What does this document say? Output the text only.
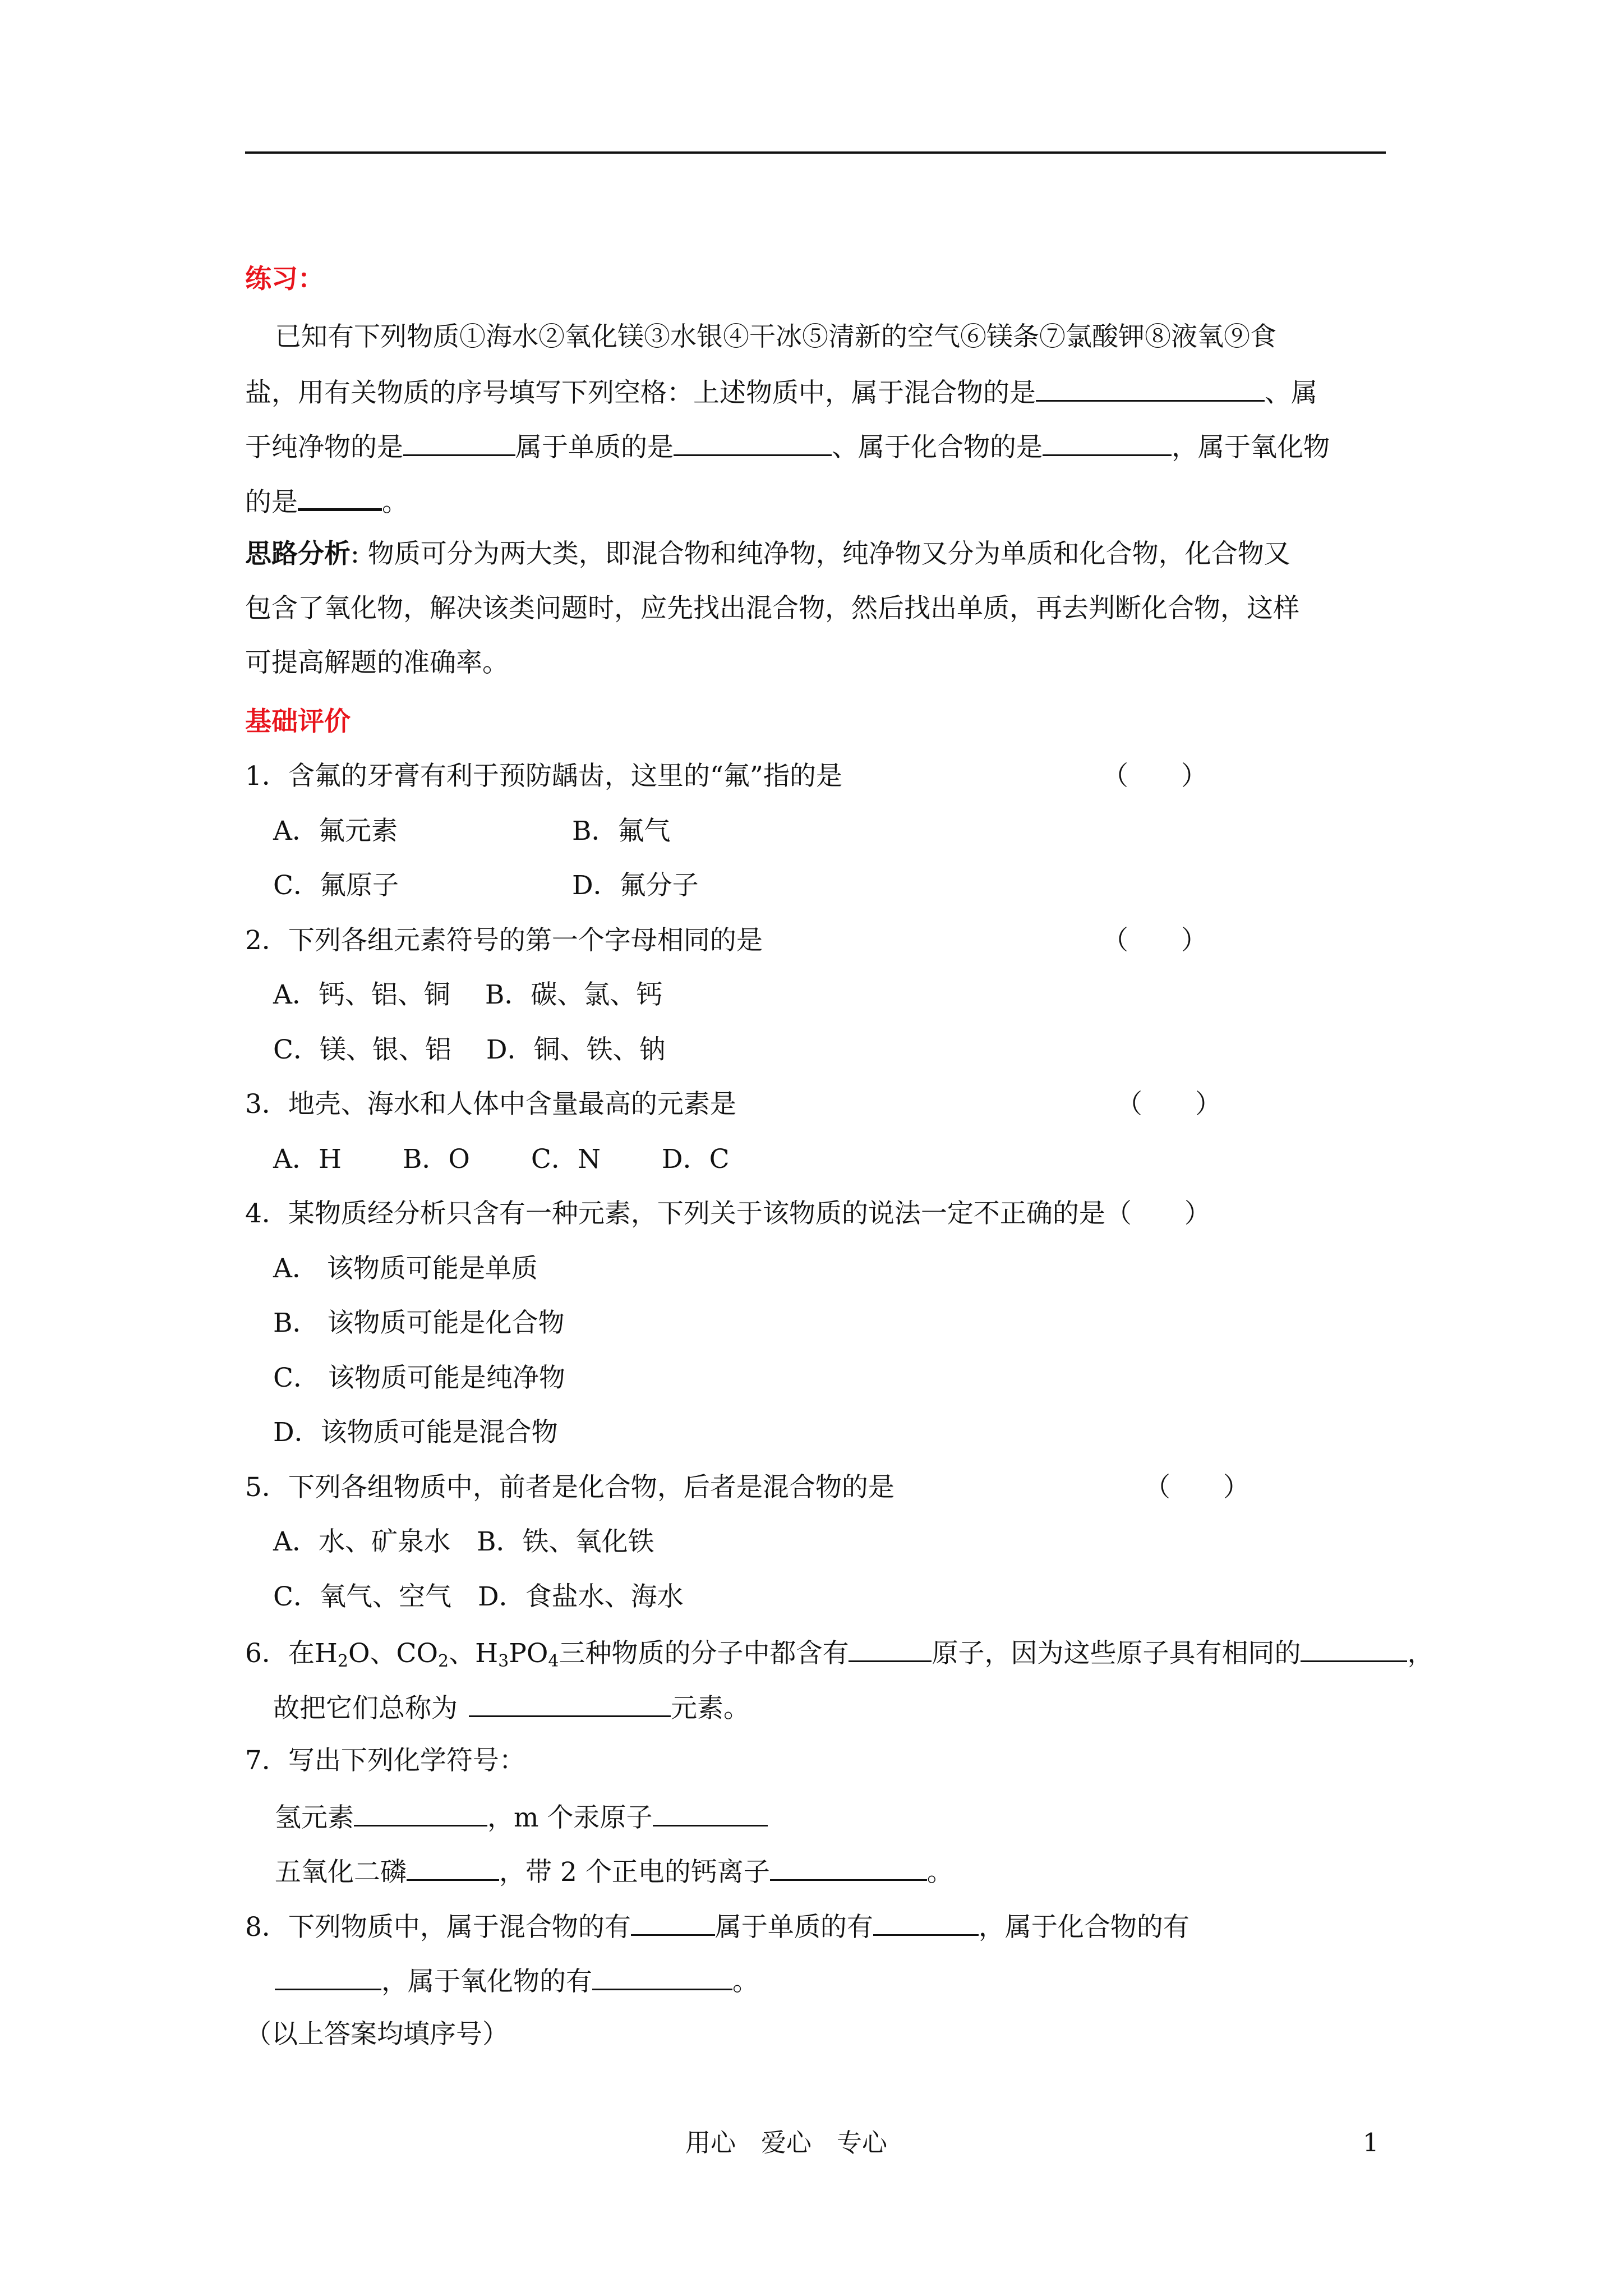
练习：
已知有下列物质①海水②氧化镁③水银④干冰⑤清新的空气⑥镁条⑦氯酸钾⑧液氧⑨食
盐，用有关物质的序号填写下列空格：上述物质中，属于混合物的是	、属
于纯净物的是	属于单质的是	、属于化合物的是	，属于氧化物
的是	。
思路分析: 物质可分为两大类，即混合物和纯净物，纯净物又分为单质和化合物，化合物又
包含了氧化物，解决该类问题时，应先找出混合物，然后找出单质，再去判断化合物，这样
可提高解题的准确率。
基础评价
1．含氟的牙膏有利于预防龋齿，这里的“氟”指的是	（　　）
A．氟元素	B．氟气
C．氟原子	D．氟分子
2．下列各组元素符号的第一个字母相同的是	（　　）
A．钙、铝、铜　 B．碳、氯、钙
C．镁、银、铝　 D．铜、铁、钠
3．地壳、海水和人体中含量最高的元素是	（　　）
A．H　　 B．O　　 C．N　　 D．C
4．某物质经分析只含有一种元素，下列关于该物质的说法一定不正确的是（　　）
A． 该物质可能是单质
B． 该物质可能是化合物
C． 该物质可能是纯净物
D．该物质可能是混合物
5．下列各组物质中，前者是化合物，后者是混合物的是	（　　）
A．水、矿泉水　B．铁、氧化铁
C．氧气、空气　D．食盐水、海水
6．在$H_2O$、$CO_2$、$H_3PO_4$三种物质的分子中都含有	原子，因为这些原子具有相同的	，
故把它们总称为	元素。
7．写出下列化学符号：
氢元素	，m 个汞原子
五氧化二磷	，带 2 个正电的钙离子	。
8．下列物质中，属于混合物的有	属于单质的有	，属于化合物的有
，属于氧化物的有	。
（以上答案均填序号）
用心　爱心　专心	1
